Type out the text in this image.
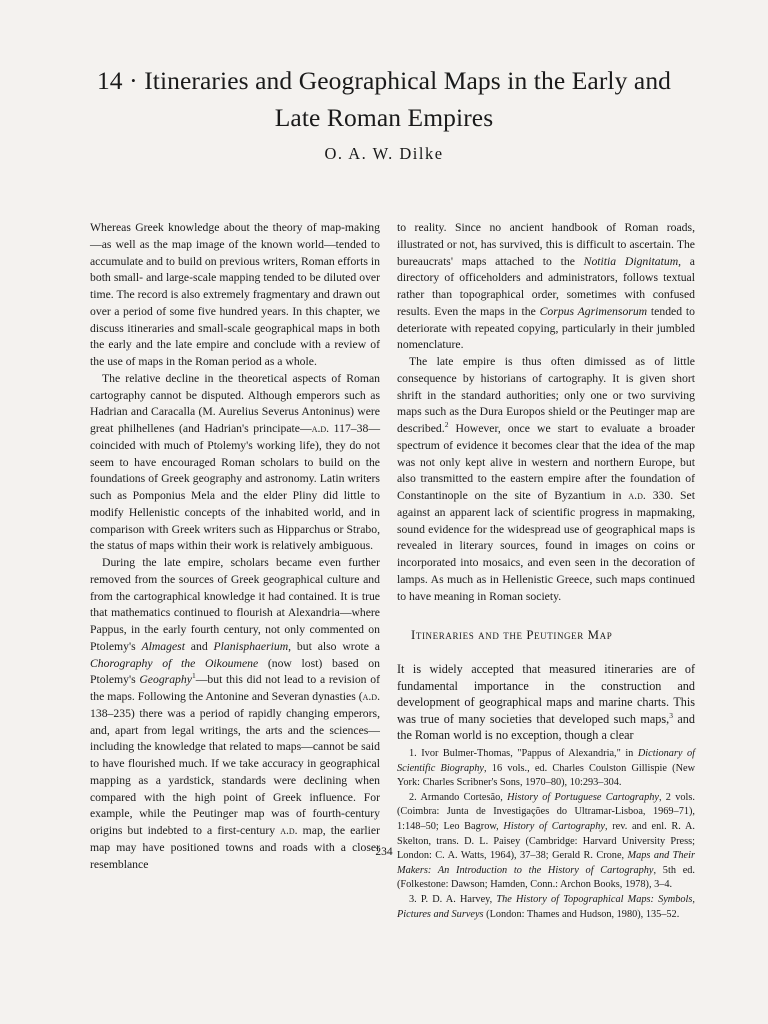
14 · Itineraries and Geographical Maps in the Early and
Late Roman Empires
O. A. W. Dilke

Whereas Greek knowledge about the theory of map-making—as well as the map image of the known world—tended to accumulate and to build on previous writers, Roman efforts in both small- and large-scale mapping tended to be diluted over time. The record is also extremely fragmentary and drawn out over a period of some five hundred years. In this chapter, we discuss itineraries and small-scale geographical maps in both the early and the late empire and conclude with a review of the use of maps in the Roman period as a whole.

The relative decline in the theoretical aspects of Roman cartography cannot be disputed. Although emperors such as Hadrian and Caracalla (M. Aurelius Severus Antoninus) were great philhellenes (and Hadrian's principate—a.d. 117–38—coincided with much of Ptolemy's working life), they do not seem to have encouraged Roman scholars to build on the foundations of Greek geography and astronomy. Latin writers such as Pomponius Mela and the elder Pliny did little to modify Hellenistic concepts of the inhabited world, and in comparison with Greek writers such as Hipparchus or Strabo, the status of maps within their work is relatively ambiguous.

During the late empire, scholars became even further removed from the sources of Greek geographical culture and from the cartographical knowledge it had contained. It is true that mathematics continued to flourish at Alexandria—where Pappus, in the early fourth century, not only commented on Ptolemy's Almagest and Planisphaerium, but also wrote a Chorography of the Oikoumene (now lost) based on Ptolemy's Geography$^1$—but this did not lead to a revision of the maps. Following the Antonine and Severan dynasties (a.d. 138–235) there was a period of rapidly changing emperors, and, apart from legal writings, the arts and the sciences—including the knowledge that related to maps—cannot be said to have flourished much. If we take accuracy in geographical mapping as a yardstick, standards were declining when compared with the high point of Greek influence. For example, while the Peutinger map was of fourth-century origins but indebted to a first-century a.d. map, the earlier map may have positioned towns and roads with a closer resemblance

to reality. Since no ancient handbook of Roman roads, illustrated or not, has survived, this is difficult to ascertain. The bureaucrats' maps attached to the Notitia Dignitatum, a directory of officeholders and administrators, follows textual rather than topographical order, sometimes with confused results. Even the maps in the Corpus Agrimensorum tended to deteriorate with repeated copying, particularly in their jumbled nomenclature.

The late empire is thus often dimissed as of little consequence by historians of cartography. It is given short shrift in the standard authorities; only one or two surviving maps such as the Dura Europos shield or the Peutinger map are described.$^2$ However, once we start to evaluate a broader spectrum of evidence it becomes clear that the idea of the map was not only kept alive in western and northern Europe, but also transmitted to the eastern empire after the foundation of Constantinople on the site of Byzantium in a.d. 330. Set against an apparent lack of scientific progress in mapmaking, sound evidence for the widespread use of geographical maps is revealed in literary sources, found in images on coins or incorporated into mosaics, and even seen in the decoration of lamps. As much as in Hellenistic Greece, such maps continued to have meaning in Roman society.

Itineraries and the Peutinger Map

It is widely accepted that measured itineraries are of fundamental importance in the construction and development of geographical maps and marine charts. This was true of many societies that developed such maps,$^3$ and the Roman world is no exception, though a clear

1. Ivor Bulmer-Thomas, "Pappus of Alexandria," in Dictionary of Scientific Biography, 16 vols., ed. Charles Coulston Gillispie (New York: Charles Scribner's Sons, 1970–80), 10:293–304.

2. Armando Cortesão, History of Portuguese Cartography, 2 vols. (Coimbra: Junta de Investigações do Ultramar-Lisboa, 1969–71), 1:148–50; Leo Bagrow, History of Cartography, rev. and enl. R. A. Skelton, trans. D. L. Paisey (Cambridge: Harvard University Press; London: C. A. Watts, 1964), 37–38; Gerald R. Crone, Maps and Their Makers: An Introduction to the History of Cartography, 5th ed. (Folkestone: Dawson; Hamden, Conn.: Archon Books, 1978), 3–4.

3. P. D. A. Harvey, The History of Topographical Maps: Symbols, Pictures and Surveys (London: Thames and Hudson, 1980), 135–52.

234
